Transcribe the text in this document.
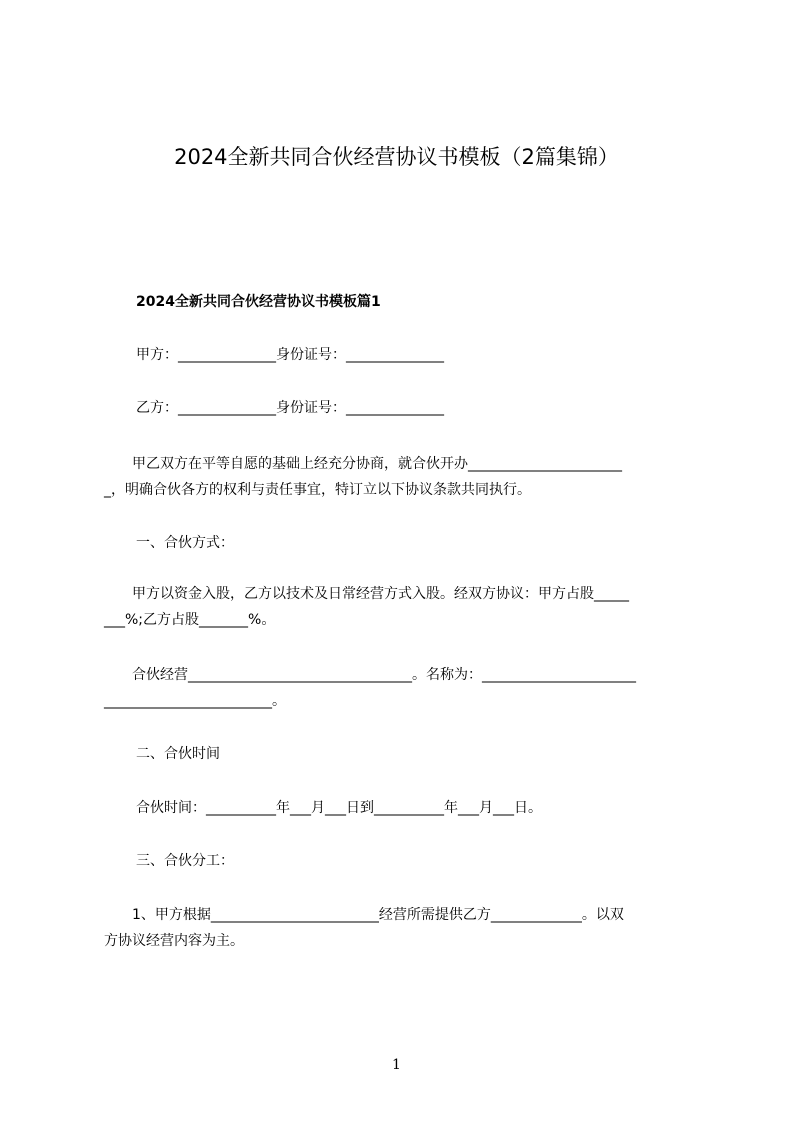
2024全新共同合伙经营协议书模板（2篇集锦）
2024全新共同合伙经营协议书模板篇1
甲方：______________身份证号：______________
乙方：______________身份证号：______________
甲乙双方在平等自愿的基础上经充分协商，就合伙开办______________________
_，明确合伙各方的权利与责任事宜，特订立以下协议条款共同执行。
一、合伙方式：
甲方以资金入股，乙方以技术及日常经营方式入股。经双方协议：甲方占股_____
___%;乙方占股_______%。
合伙经营________________________________。名称为：______________________
________________________。
二、合伙时间
合伙时间：__________年___月___日到__________年___月___日。
三、合伙分工：
1、甲方根据________________________经营所需提供乙方_____________。以双
方协议经营内容为主。
1
